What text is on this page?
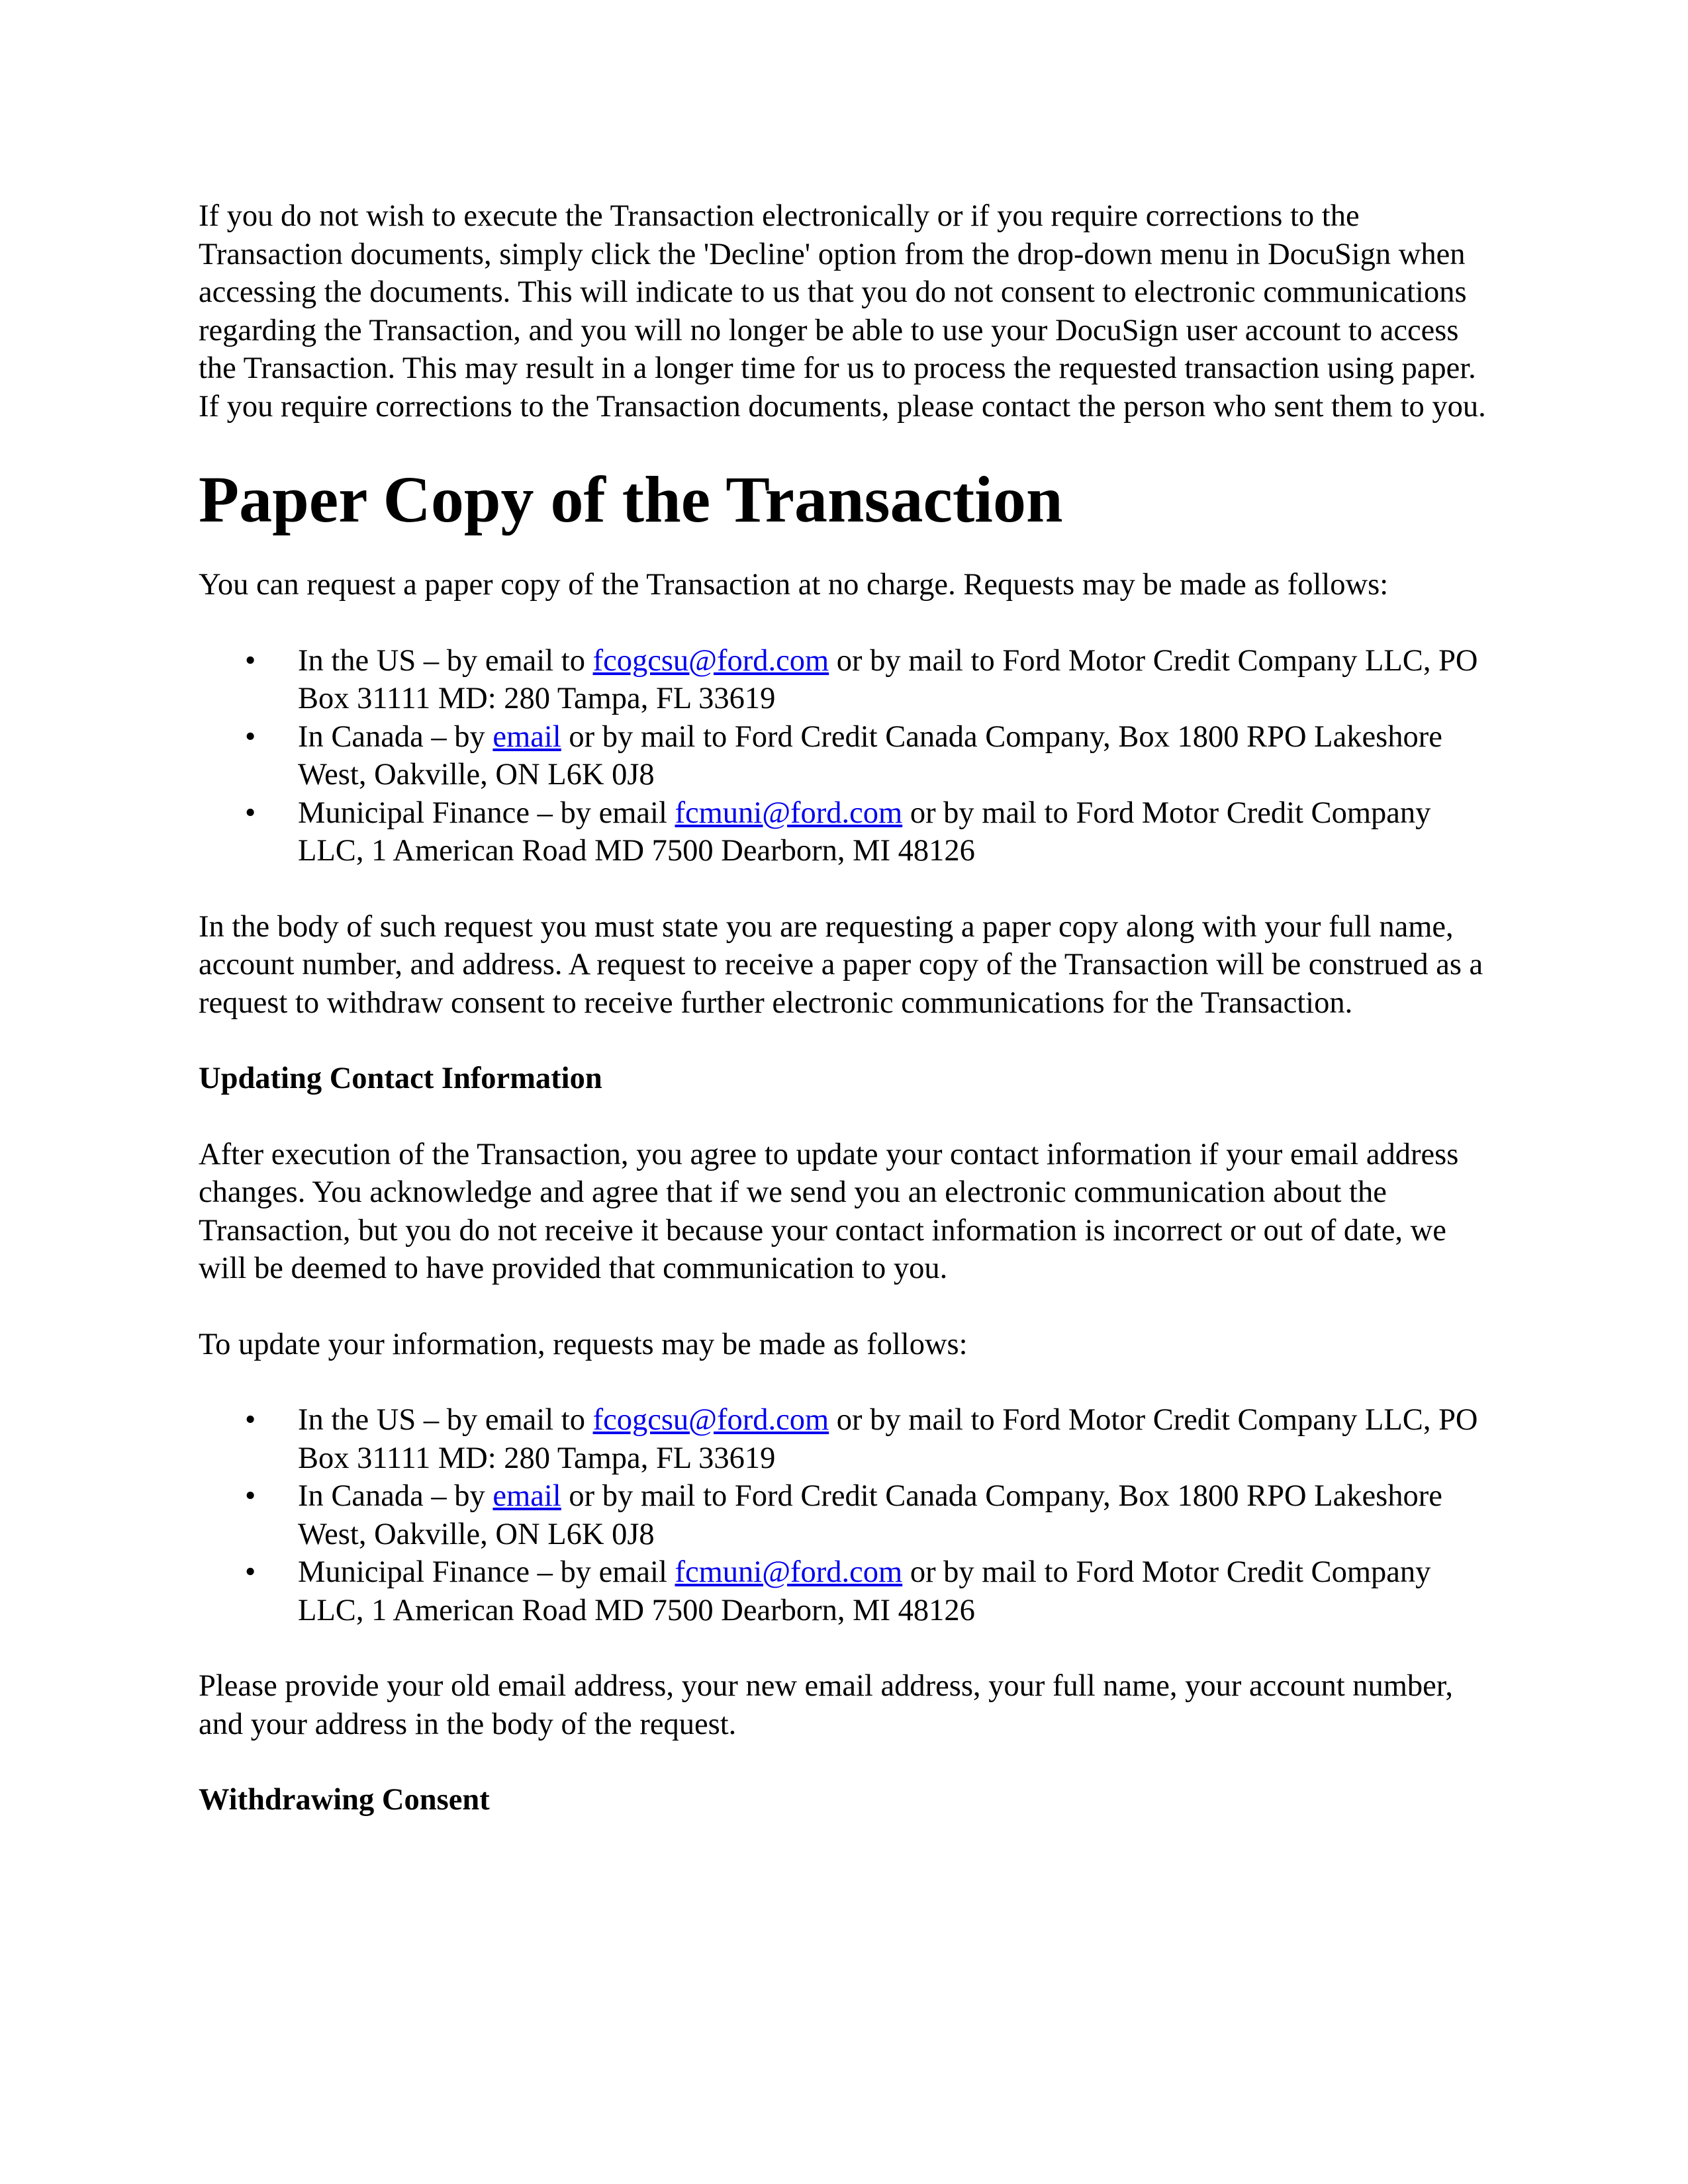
If you do not wish to execute the Transaction electronically or if you require corrections to the Transaction documents, simply click the 'Decline' option from the drop-down menu in DocuSign when accessing the documents. This will indicate to us that you do not consent to electronic communications regarding the Transaction, and you will no longer be able to use your DocuSign user account to access the Transaction. This may result in a longer time for us to process the requested transaction using paper. If you require corrections to the Transaction documents, please contact the person who sent them to you.

Paper Copy of the Transaction

You can request a paper copy of the Transaction at no charge. Requests may be made as follows:

• In the US – by email to fcogcsu@ford.com or by mail to Ford Motor Credit Company LLC, PO Box 31111 MD: 280 Tampa, FL 33619
• In Canada – by email or by mail to Ford Credit Canada Company, Box 1800 RPO Lakeshore West, Oakville, ON L6K 0J8
• Municipal Finance – by email fcmuni@ford.com or by mail to Ford Motor Credit Company LLC, 1 American Road MD 7500 Dearborn, MI 48126

In the body of such request you must state you are requesting a paper copy along with your full name, account number, and address. A request to receive a paper copy of the Transaction will be construed as a request to withdraw consent to receive further electronic communications for the Transaction.

Updating Contact Information

After execution of the Transaction, you agree to update your contact information if your email address changes. You acknowledge and agree that if we send you an electronic communication about the Transaction, but you do not receive it because your contact information is incorrect or out of date, we will be deemed to have provided that communication to you.

To update your information, requests may be made as follows:

• In the US – by email to fcogcsu@ford.com or by mail to Ford Motor Credit Company LLC, PO Box 31111 MD: 280 Tampa, FL 33619
• In Canada – by email or by mail to Ford Credit Canada Company, Box 1800 RPO Lakeshore West, Oakville, ON L6K 0J8
• Municipal Finance – by email fcmuni@ford.com or by mail to Ford Motor Credit Company LLC, 1 American Road MD 7500 Dearborn, MI 48126

Please provide your old email address, your new email address, your full name, your account number, and your address in the body of the request.

Withdrawing Consent
